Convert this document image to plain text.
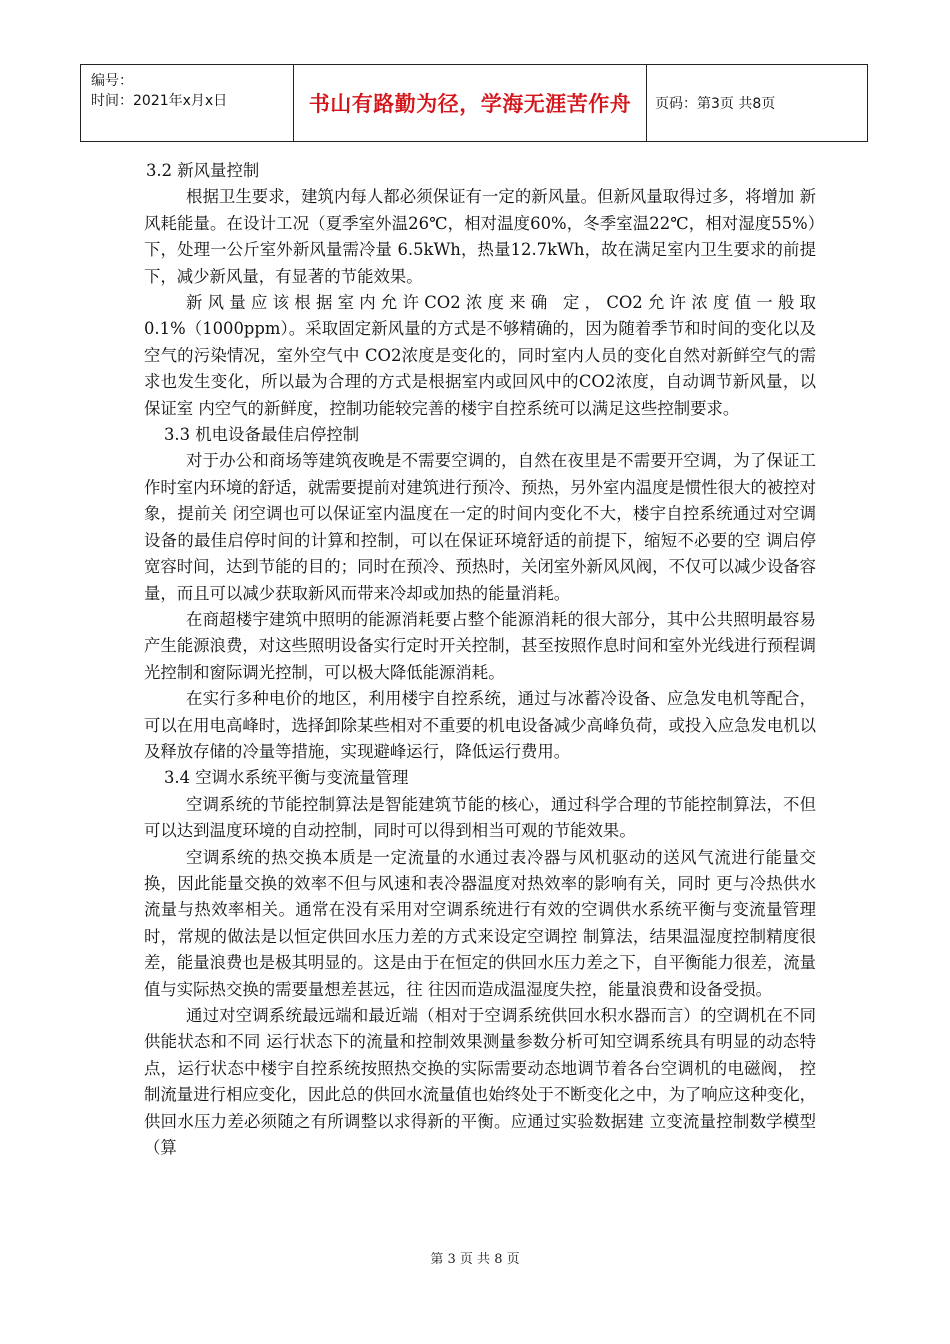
编号：
时间：2021年x月x日	书山有路勤为径，学海无涯苦作舟	页码：第3页 共8页

3.2 新风量控制

根据卫生要求，建筑内每人都必须保证有一定的新风量。但新风量取得过多，将增加 新风耗能量。在设计工况（夏季室外温26℃，相对温度60%，冬季室温22℃，相对湿度55%）下，处理一公斤室外新风量需冷量 6.5kWh，热量12.7kWh，故在满足室内卫生要求的前提下，减少新风量，有显著的节能效果。

新风量应该根据室内允许CO2浓度来确 定，CO2允许浓度值一般取0.1%（1000ppm）。采取固定新风量的方式是不够精确的，因为随着季节和时间的变化以及空气的污染情况，室外空气中 CO2浓度是变化的，同时室内人员的变化自然对新鲜空气的需求也发生变化，所以最为合理的方式是根据室内或回风中的CO2浓度，自动调节新风量，以保证室 内空气的新鲜度，控制功能较完善的楼宇自控系统可以满足这些控制要求。

3.3 机电设备最佳启停控制

对于办公和商场等建筑夜晚是不需要空调的，自然在夜里是不需要开空调，为了保证工作时室内环境的舒适，就需要提前对建筑进行预冷、预热，另外室内温度是惯性很大的被控对象，提前关 闭空调也可以保证室内温度在一定的时间内变化不大，楼宇自控系统通过对空调设备的最佳启停时间的计算和控制，可以在保证环境舒适的前提下，缩短不必要的空 调启停宽容时间，达到节能的目的；同时在预冷、预热时，关闭室外新风风阀，不仅可以减少设备容量，而且可以减少获取新风而带来冷却或加热的能量消耗。

在商超楼宇建筑中照明的能源消耗要占整个能源消耗的很大部分，其中公共照明最容易产生能源浪费，对这些照明设备实行定时开关控制，甚至按照作息时间和室外光线进行预程调光控制和窗际调光控制，可以极大降低能源消耗。

在实行多种电价的地区，利用楼宇自控系统，通过与冰蓄冷设备、应急发电机等配合，可以在用电高峰时，选择卸除某些相对不重要的机电设备减少高峰负荷，或投入应急发电机以及释放存储的冷量等措施，实现避峰运行，降低运行费用。

3.4 空调水系统平衡与变流量管理

空调系统的节能控制算法是智能建筑节能的核心，通过科学合理的节能控制算法，不但可以达到温度环境的自动控制，同时可以得到相当可观的节能效果。

空调系统的热交换本质是一定流量的水通过表冷器与风机驱动的送风气流进行能量交换，因此能量交换的效率不但与风速和表冷器温度对热效率的影响有关，同时 更与冷热供水流量与热效率相关。通常在没有采用对空调系统进行有效的空调供水系统平衡与变流量管理时，常规的做法是以恒定供回水压力差的方式来设定空调控 制算法，结果温湿度控制精度很差，能量浪费也是极其明显的。这是由于在恒定的供回水压力差之下，自平衡能力很差，流量值与实际热交换的需要量想差甚远，往 往因而造成温湿度失控，能量浪费和设备受损。

通过对空调系统最远端和最近端（相对于空调系统供回水积水器而言）的空调机在不同供能状态和不同 运行状态下的流量和控制效果测量参数分析可知空调系统具有明显的动态特点，运行状态中楼宇自控系统按照热交换的实际需要动态地调节着各台空调机的电磁阀， 控制流量进行相应变化，因此总的供回水流量值也始终处于不断变化之中，为了响应这种变化，供回水压力差必须随之有所调整以求得新的平衡。应通过实验数据建 立变流量控制数学模型（算

第 3 页 共 8 页
